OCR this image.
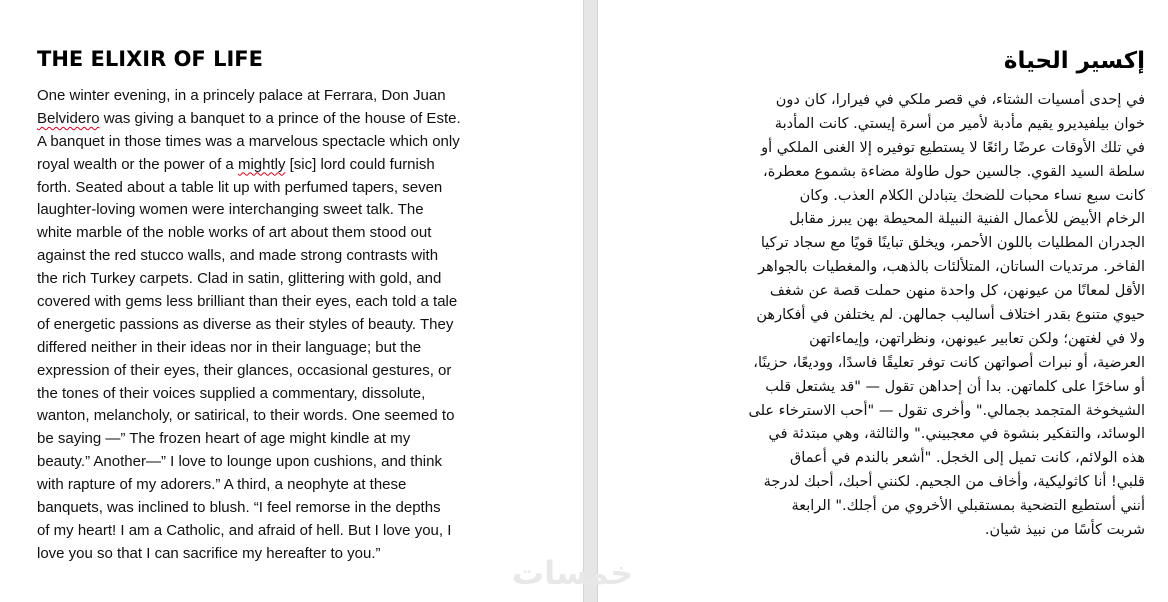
THE ELIXIR OF LIFE
One winter evening, in a princely palace at Ferrara, Don Juan
Belvidero was giving a banquet to a prince of the house of Este.
A banquet in those times was a marvelous spectacle which only
royal wealth or the power of a mightly [sic] lord could furnish
forth. Seated about a table lit up with perfumed tapers, seven
laughter-loving women were interchanging sweet talk. The
white marble of the noble works of art about them stood out
against the red stucco walls, and made strong contrasts with
the rich Turkey carpets. Clad in satin, glittering with gold, and
covered with gems less brilliant than their eyes, each told a tale
of energetic passions as diverse as their styles of beauty. They
differed neither in their ideas nor in their language; but the
expression of their eyes, their glances, occasional gestures, or
the tones of their voices supplied a commentary, dissolute,
wanton, melancholy, or satirical, to their words. One seemed to
be saying —” The frozen heart of age might kindle at my
beauty.” Another—” I love to lounge upon cushions, and think
with rapture of my adorers.” A third, a neophyte at these
banquets, was inclined to blush. “I feel remorse in the depths
of my heart! I am a Catholic, and afraid of hell. But I love you, I
love you so that I can sacrifice my hereafter to you.”
إكسير الحياة
في إحدى أمسيات الشتاء، في قصر ملكي في فيرارا، كان دون
خوان بيلفيديرو يقيم مأدبة لأمير من أسرة إيستي. كانت المأدبة
في تلك الأوقات عرضًا رائعًا لا يستطيع توفيره إلا الغنى الملكي أو
سلطة السيد القوي. جالسين حول طاولة مضاءة بشموع معطرة،
كانت سبع نساء محبات للضحك يتبادلن الكلام العذب. وكان
الرخام الأبيض للأعمال الفنية النبيلة المحيطة بهن يبرز مقابل
الجدران المطليات باللون الأحمر، ويخلق تباينًا قويًا مع سجاد تركيا
الفاخر. مرتديات الساتان، المتلألئات بالذهب، والمغطيات بالجواهر
الأقل لمعانًا من عيونهن، كل واحدة منهن حملت قصة عن شغف
حيوي متنوع بقدر اختلاف أساليب جمالهن. لم يختلفن في أفكارهن
ولا في لغتهن؛ ولكن تعابير عيونهن، ونظراتهن، وإيماءاتهن
العرضية، أو نبرات أصواتهن كانت توفر تعليقًا فاسدًا، ووديعًا، حزينًا،
أو ساخرًا على كلماتهن. بدا أن إحداهن تقول — "قد يشتعل قلب
الشيخوخة المتجمد بجمالي." وأخرى تقول — "أحب الاسترخاء على
الوسائد، والتفكير بنشوة في معجبيني." والثالثة، وهي مبتدئة في
هذه الولائم، كانت تميل إلى الخجل. "أشعر بالندم في أعماق
قلبي! أنا كاثوليكية، وأخاف من الجحيم. لكنني أحبك، أحبك لدرجة
أنني أستطيع التضحية بمستقبلي الأخروي من أجلك." الرابعة
شربت كأسًا من نبيذ شيان.
خمسات
